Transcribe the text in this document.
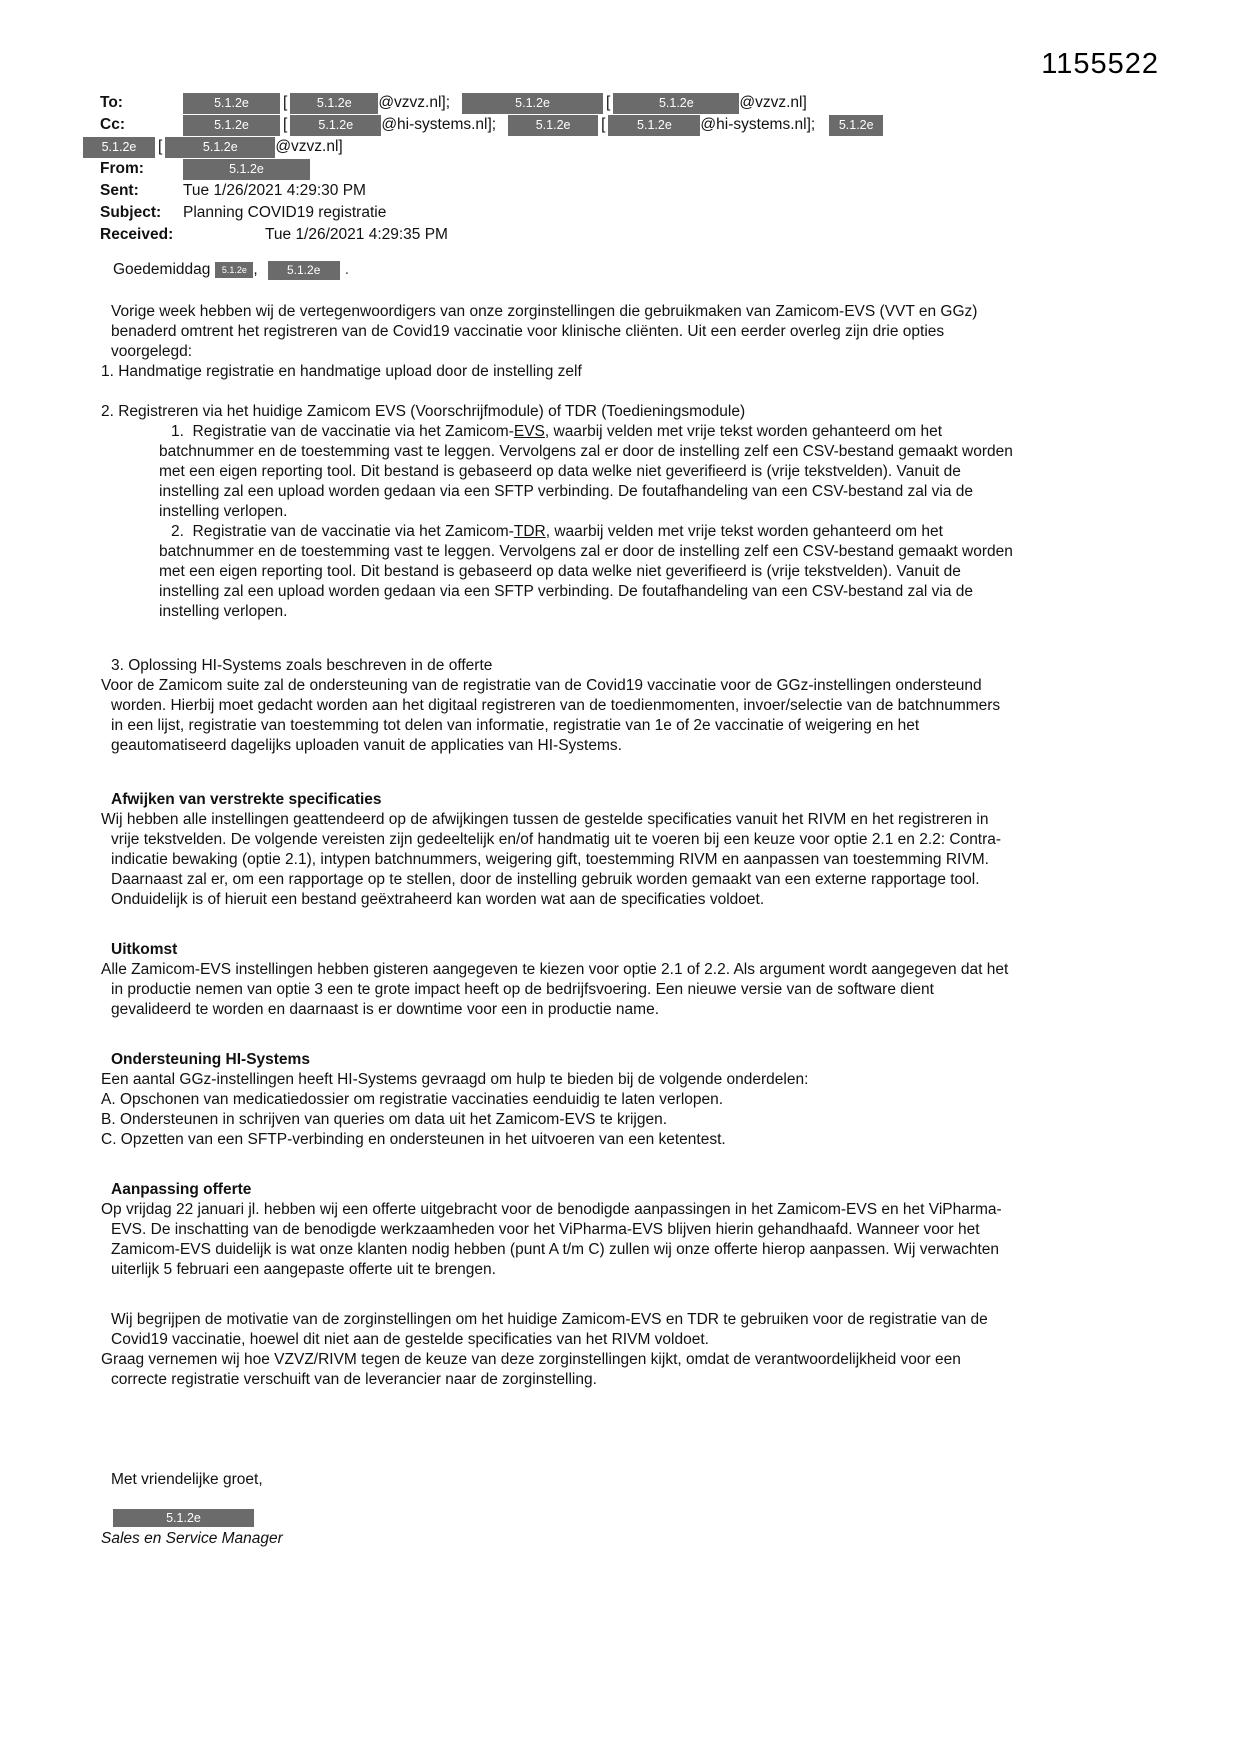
1155522
To:	5.1.2e	[	5.1.2e	@vzvz.nl];	5.1.2e	[	5.1.2e	@vzvz.nl]
Cc:	5.1.2e	[	5.1.2e	@hi-systems.nl];	5.1.2e	[	5.1.2e	@hi-systems.nl];	5.1.2e
5.1.2e	[	5.1.2e	@vzvz.nl]
From:	5.1.2e
Sent:	Tue 1/26/2021 4:29:30 PM
Subject:	Planning COVID19 registratie
Received:	Tue 1/26/2021 4:29:35 PM
Goedemiddag	5.1.2e ,	5.1.2e	.
Vorige week hebben wij de vertegenwoordigers van onze zorginstellingen die gebruikmaken van Zamicom-EVS (VVT en GGz) benaderd omtrent het registreren van de Covid19 vaccinatie voor klinische cliënten. Uit een eerder overleg zijn drie opties voorgelegd:
1. Handmatige registratie en handmatige upload door de instelling zelf
2. Registreren via het huidige Zamicom EVS (Voorschrijfmodule) of TDR (Toedieningsmodule)
1.  Registratie van de vaccinatie via het Zamicom-EVS, waarbij velden met vrije tekst worden gehanteerd om het batchnummer en de toestemming vast te leggen. Vervolgens zal er door de instelling zelf een CSV-bestand gemaakt worden met een eigen reporting tool. Dit bestand is gebaseerd op data welke niet geverifieerd is (vrije tekstvelden). Vanuit de instelling zal een upload worden gedaan via een SFTP verbinding. De foutafhandeling van een CSV-bestand zal via de instelling verlopen.
2.  Registratie van de vaccinatie via het Zamicom-TDR, waarbij velden met vrije tekst worden gehanteerd om het batchnummer en de toestemming vast te leggen. Vervolgens zal er door de instelling zelf een CSV-bestand gemaakt worden met een eigen reporting tool. Dit bestand is gebaseerd op data welke niet geverifieerd is (vrije tekstvelden). Vanuit de instelling zal een upload worden gedaan via een SFTP verbinding. De foutafhandeling van een CSV-bestand zal via de instelling verlopen.
3. Oplossing HI-Systems zoals beschreven in de offerte
Voor de Zamicom suite zal de ondersteuning van de registratie van de Covid19 vaccinatie voor de GGz-instellingen ondersteund worden. Hierbij moet gedacht worden aan het digitaal registreren van de toedienmomenten, invoer/selectie van de batchnummers in een lijst, registratie van toestemming tot delen van informatie, registratie van 1e of 2e vaccinatie of weigering en het geautomatiseerd dagelijks uploaden vanuit de applicaties van HI-Systems.
Afwijken van verstrekte specificaties
Wij hebben alle instellingen geattendeerd op de afwijkingen tussen de gestelde specificaties vanuit het RIVM en het registreren in vrije tekstvelden. De volgende vereisten zijn gedeeltelijk en/of handmatig uit te voeren bij een keuze voor optie 2.1 en 2.2: Contra-indicatie bewaking (optie 2.1), intypen batchnummers, weigering gift, toestemming RIVM en aanpassen van toestemming RIVM. Daarnaast zal er, om een rapportage op te stellen, door de instelling gebruik worden gemaakt van een externe rapportage tool. Onduidelijk is of hieruit een bestand geëxtraheerd kan worden wat aan de specificaties voldoet.
Uitkomst
Alle Zamicom-EVS instellingen hebben gisteren aangegeven te kiezen voor optie 2.1 of 2.2. Als argument wordt aangegeven dat het in productie nemen van optie 3 een te grote impact heeft op de bedrijfsvoering. Een nieuwe versie van de software dient gevalideerd te worden en daarnaast is er downtime voor een in productie name.
Ondersteuning HI-Systems
Een aantal GGz-instellingen heeft HI-Systems gevraagd om hulp te bieden bij de volgende onderdelen:
A. Opschonen van medicatiedossier om registratie vaccinaties eenduidig te laten verlopen.
B. Ondersteunen in schrijven van queries om data uit het Zamicom-EVS te krijgen.
C. Opzetten van een SFTP-verbinding en ondersteunen in het uitvoeren van een ketentest.
Aanpassing offerte
Op vrijdag 22 januari jl. hebben wij een offerte uitgebracht voor de benodigde aanpassingen in het Zamicom-EVS en het ViPharma-EVS. De inschatting van de benodigde werkzaamheden voor het ViPharma-EVS blijven hierin gehandhaafd. Wanneer voor het Zamicom-EVS duidelijk is wat onze klanten nodig hebben (punt A t/m C) zullen wij onze offerte hierop aanpassen. Wij verwachten uiterlijk 5 februari een aangepaste offerte uit te brengen.
Wij begrijpen de motivatie van de zorginstellingen om het huidige Zamicom-EVS en TDR te gebruiken voor de registratie van de Covid19 vaccinatie, hoewel dit niet aan de gestelde specificaties van het RIVM voldoet.
Graag vernemen wij hoe VZVZ/RIVM tegen de keuze van deze zorginstellingen kijkt, omdat de verantwoordelijkheid voor een correcte registratie verschuift van de leverancier naar de zorginstelling.
Met vriendelijke groet,
5.1.2e
Sales en Service Manager
